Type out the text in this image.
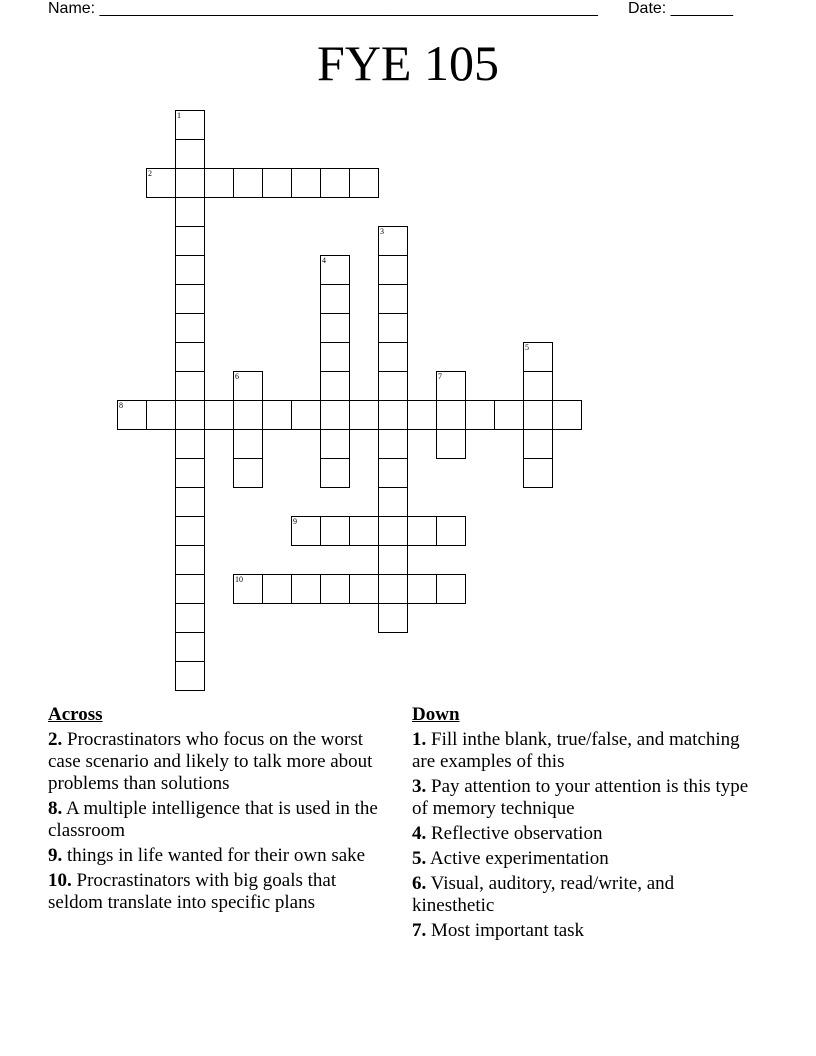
Name: ________________________________________________________ Date: _______
FYE 105
1
2
3
4
5
6	7
8
9
10
Across
2. Procrastinators who focus on the worst case scenario and likely to talk more about problems than solutions
8. A multiple intelligence that is used in the classroom
9. things in life wanted for their own sake
10. Procrastinators with big goals that seldom translate into specific plans
Down
1. Fill inthe blank, true/false, and matching are examples of this
3. Pay attention to your attention is this type of memory technique
4. Reflective observation
5. Active experimentation
6. Visual, auditory, read/write, and kinesthetic
7. Most important task
